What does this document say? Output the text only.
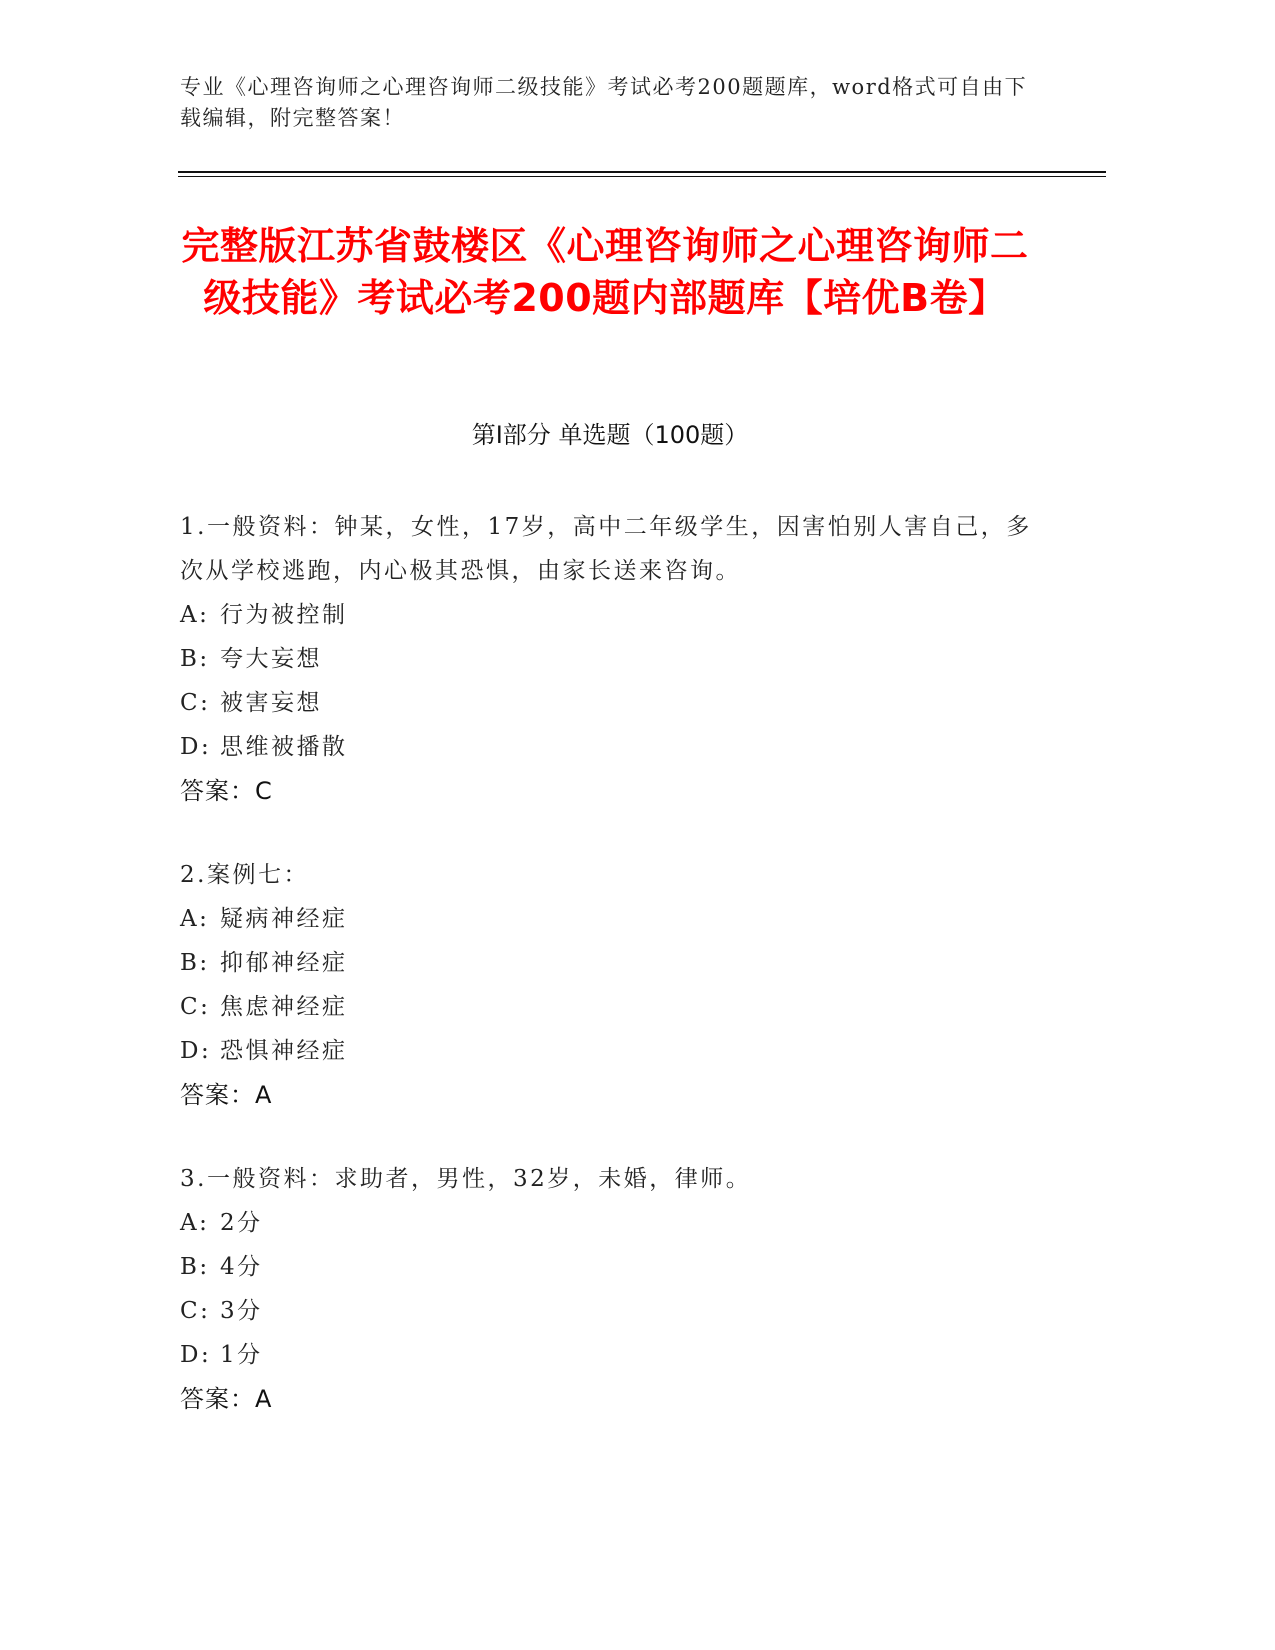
专业《心理咨询师之心理咨询师二级技能》考试必考200题题库，word格式可自由下载编辑，附完整答案！
完整版江苏省鼓楼区《心理咨询师之心理咨询师二级技能》考试必考200题内部题库【培优B卷】
第Ⅰ部分 单选题（100题）
1.一般资料：钟某，女性，17岁，高中二年级学生，因害怕别人害自己，多次从学校逃跑，内心极其恐惧，由家长送来咨询。
A: 行为被控制
B: 夸大妄想
C: 被害妄想
D: 思维被播散
答案：C
2.案例七：
A: 疑病神经症
B: 抑郁神经症
C: 焦虑神经症
D: 恐惧神经症
答案：A
3.一般资料：求助者，男性，32岁，未婚，律师。
A: 2分
B: 4分
C: 3分
D: 1分
答案：A
